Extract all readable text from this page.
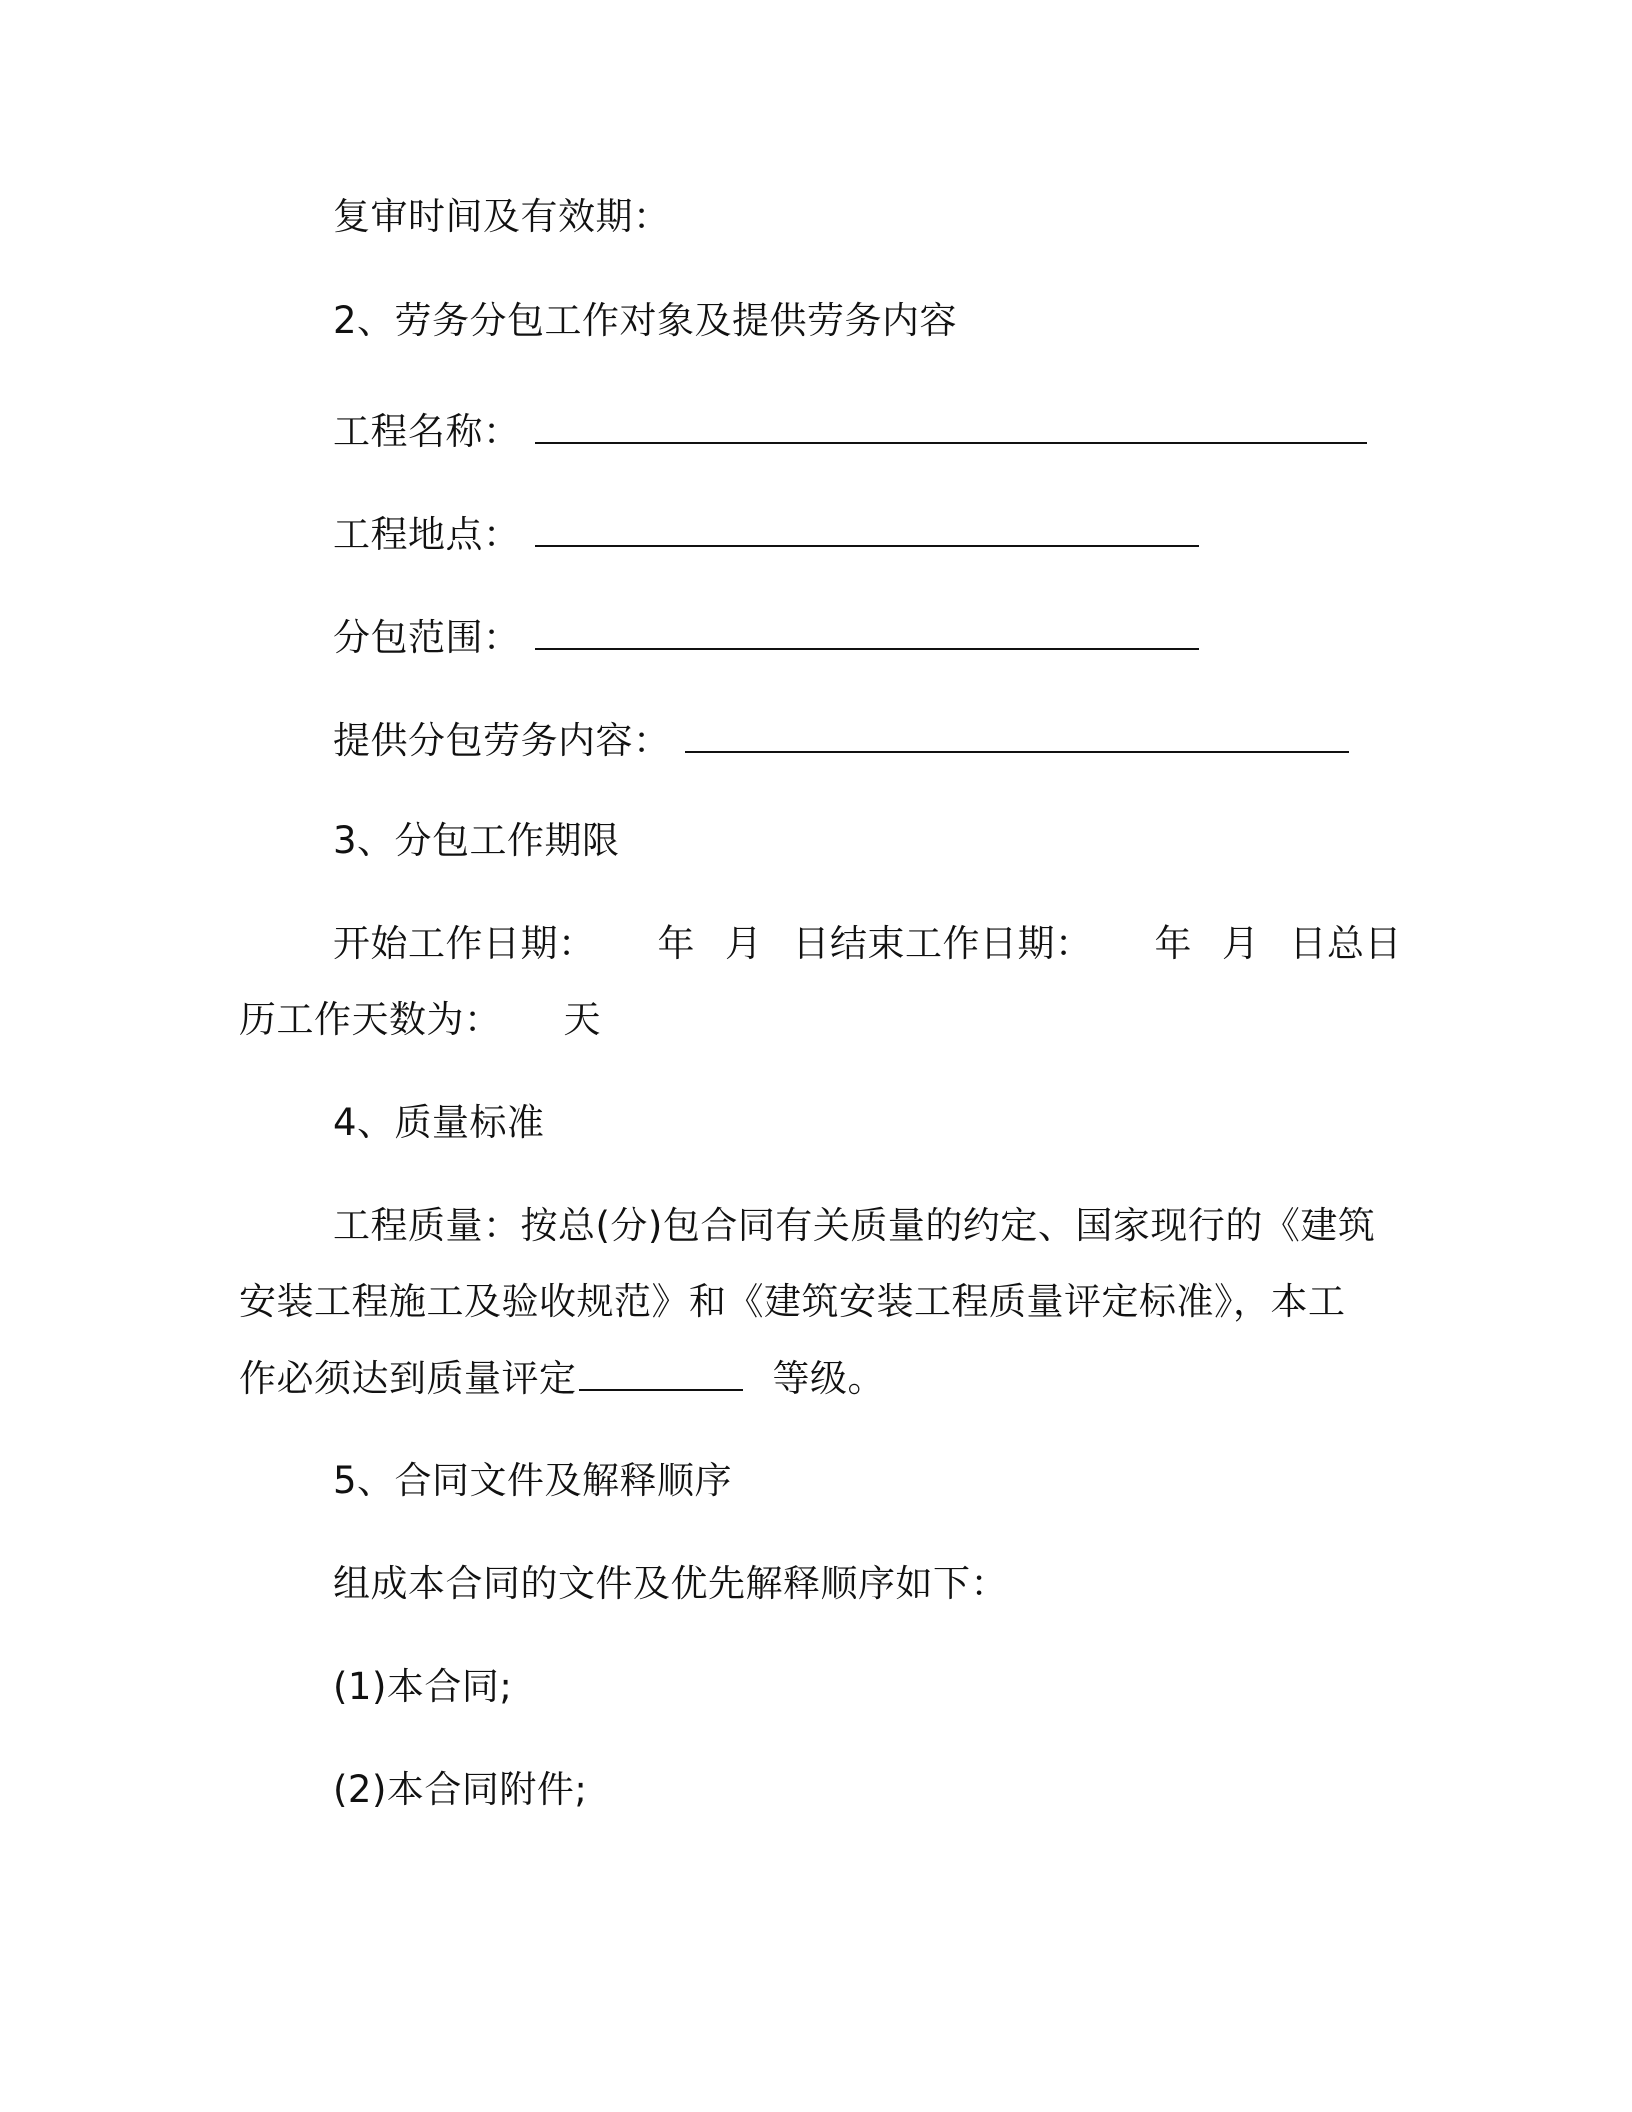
复审时间及有效期：
2、劳务分包工作对象及提供劳务内容
工程名称：
工程地点：
分包范围：
提供分包劳务内容：
3、分包工作期限
开始工作日期： 年 月 日结束工作日期： 年 月 日总日
历工作天数为： 天
4、质量标准
工程质量：按总(分)包合同有关质量的约定、国家现行的《建筑
安装工程施工及验收规范》和《建筑安装工程质量评定标准》，本工
作必须达到质量评定	等级。
5、合同文件及解释顺序
组成本合同的文件及优先解释顺序如下：
(1)本合同;
(2)本合同附件;
